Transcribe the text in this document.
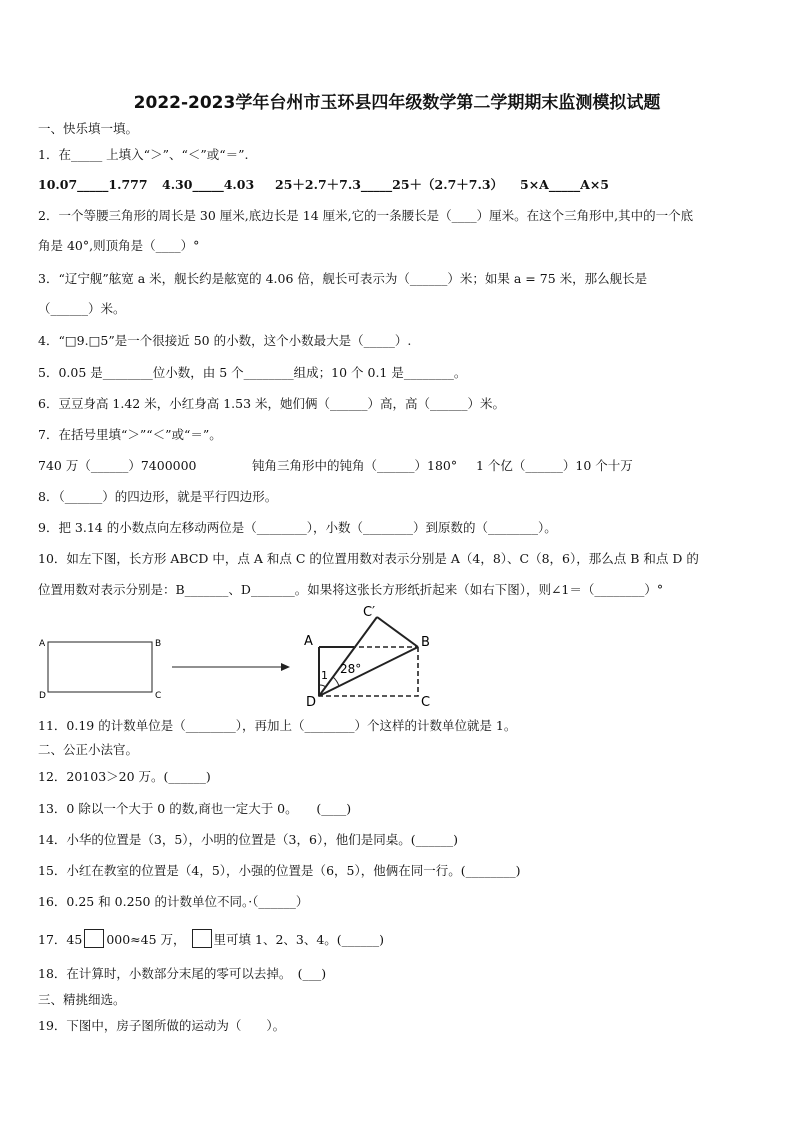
2022-2023学年台州市玉环县四年级数学第二学期期末监测模拟试题
一、快乐填一填。
1．在_____ 上填入“＞”、“＜”或“＝”.
10.07_____1.777 4.30_____4.03 25＋2.7＋7.3_____25＋（2.7＋7.3） 5×A_____A×5
2．一个等腰三角形的周长是 30 厘米,底边长是 14 厘米,它的一条腰长是（____）厘米。在这个三角形中,其中的一个底
角是 40°,则顶角是（____）°
3．“辽宁舰”舷宽 a 米，舰长约是舷宽的 4.06 倍，舰长可表示为（______）米；如果 a = 75 米，那么舰长是
（______）米。
4．“□9.□5”是一个很接近 50 的小数，这个小数最大是（_____）.
5．0.05 是________位小数，由 5 个________组成；10 个 0.1 是________。
6．豆豆身高 1.42 米，小红身高 1.53 米，她们俩（______）高，高（______）米。
7．在括号里填“＞”“＜”或“＝”。
740 万（______）7400000	钝角三角形中的钝角（______）180° 1 个亿（______）10 个十万
8．（______）的四边形，就是平行四边形。
9．把 3.14 的小数点向左移动两位是（________），小数（________）到原数的（________）。
10．如左下图，长方形 ABCD 中，点 A 和点 C 的位置用数对表示分别是 A（4，8）、C（8，6），那么点 B 和点 D 的
位置用数对表示分别是：B_______、D_______。如果将这张长方形纸折起来（如右下图），则∠1＝（________）°
A	B
C
D
A	B
C
D
C′
1 28°
11．0.19 的计数单位是（________），再加上（________）个这样的计数单位就是 1。
二、公正小法官。
12．20103＞20 万。(______)
13．0 除以一个大于 0 的数,商也一定大于 0。　　(____)
14．小华的位置是（3，5），小明的位置是（3，6），他们是同桌。(______)
15．小红在教室的位置是（4，5），小强的位置是（6，5），他俩在同一行。(________)
16．0.25 和 0.250 的计数单位不同。·（______）
17．45 000≈45 万， 里可填 1、2、3、4。(______)
18．在计算时，小数部分末尾的零可以去掉。　(___)
三、精挑细选。
19．下图中，房子图所做的运动为（　　）。
